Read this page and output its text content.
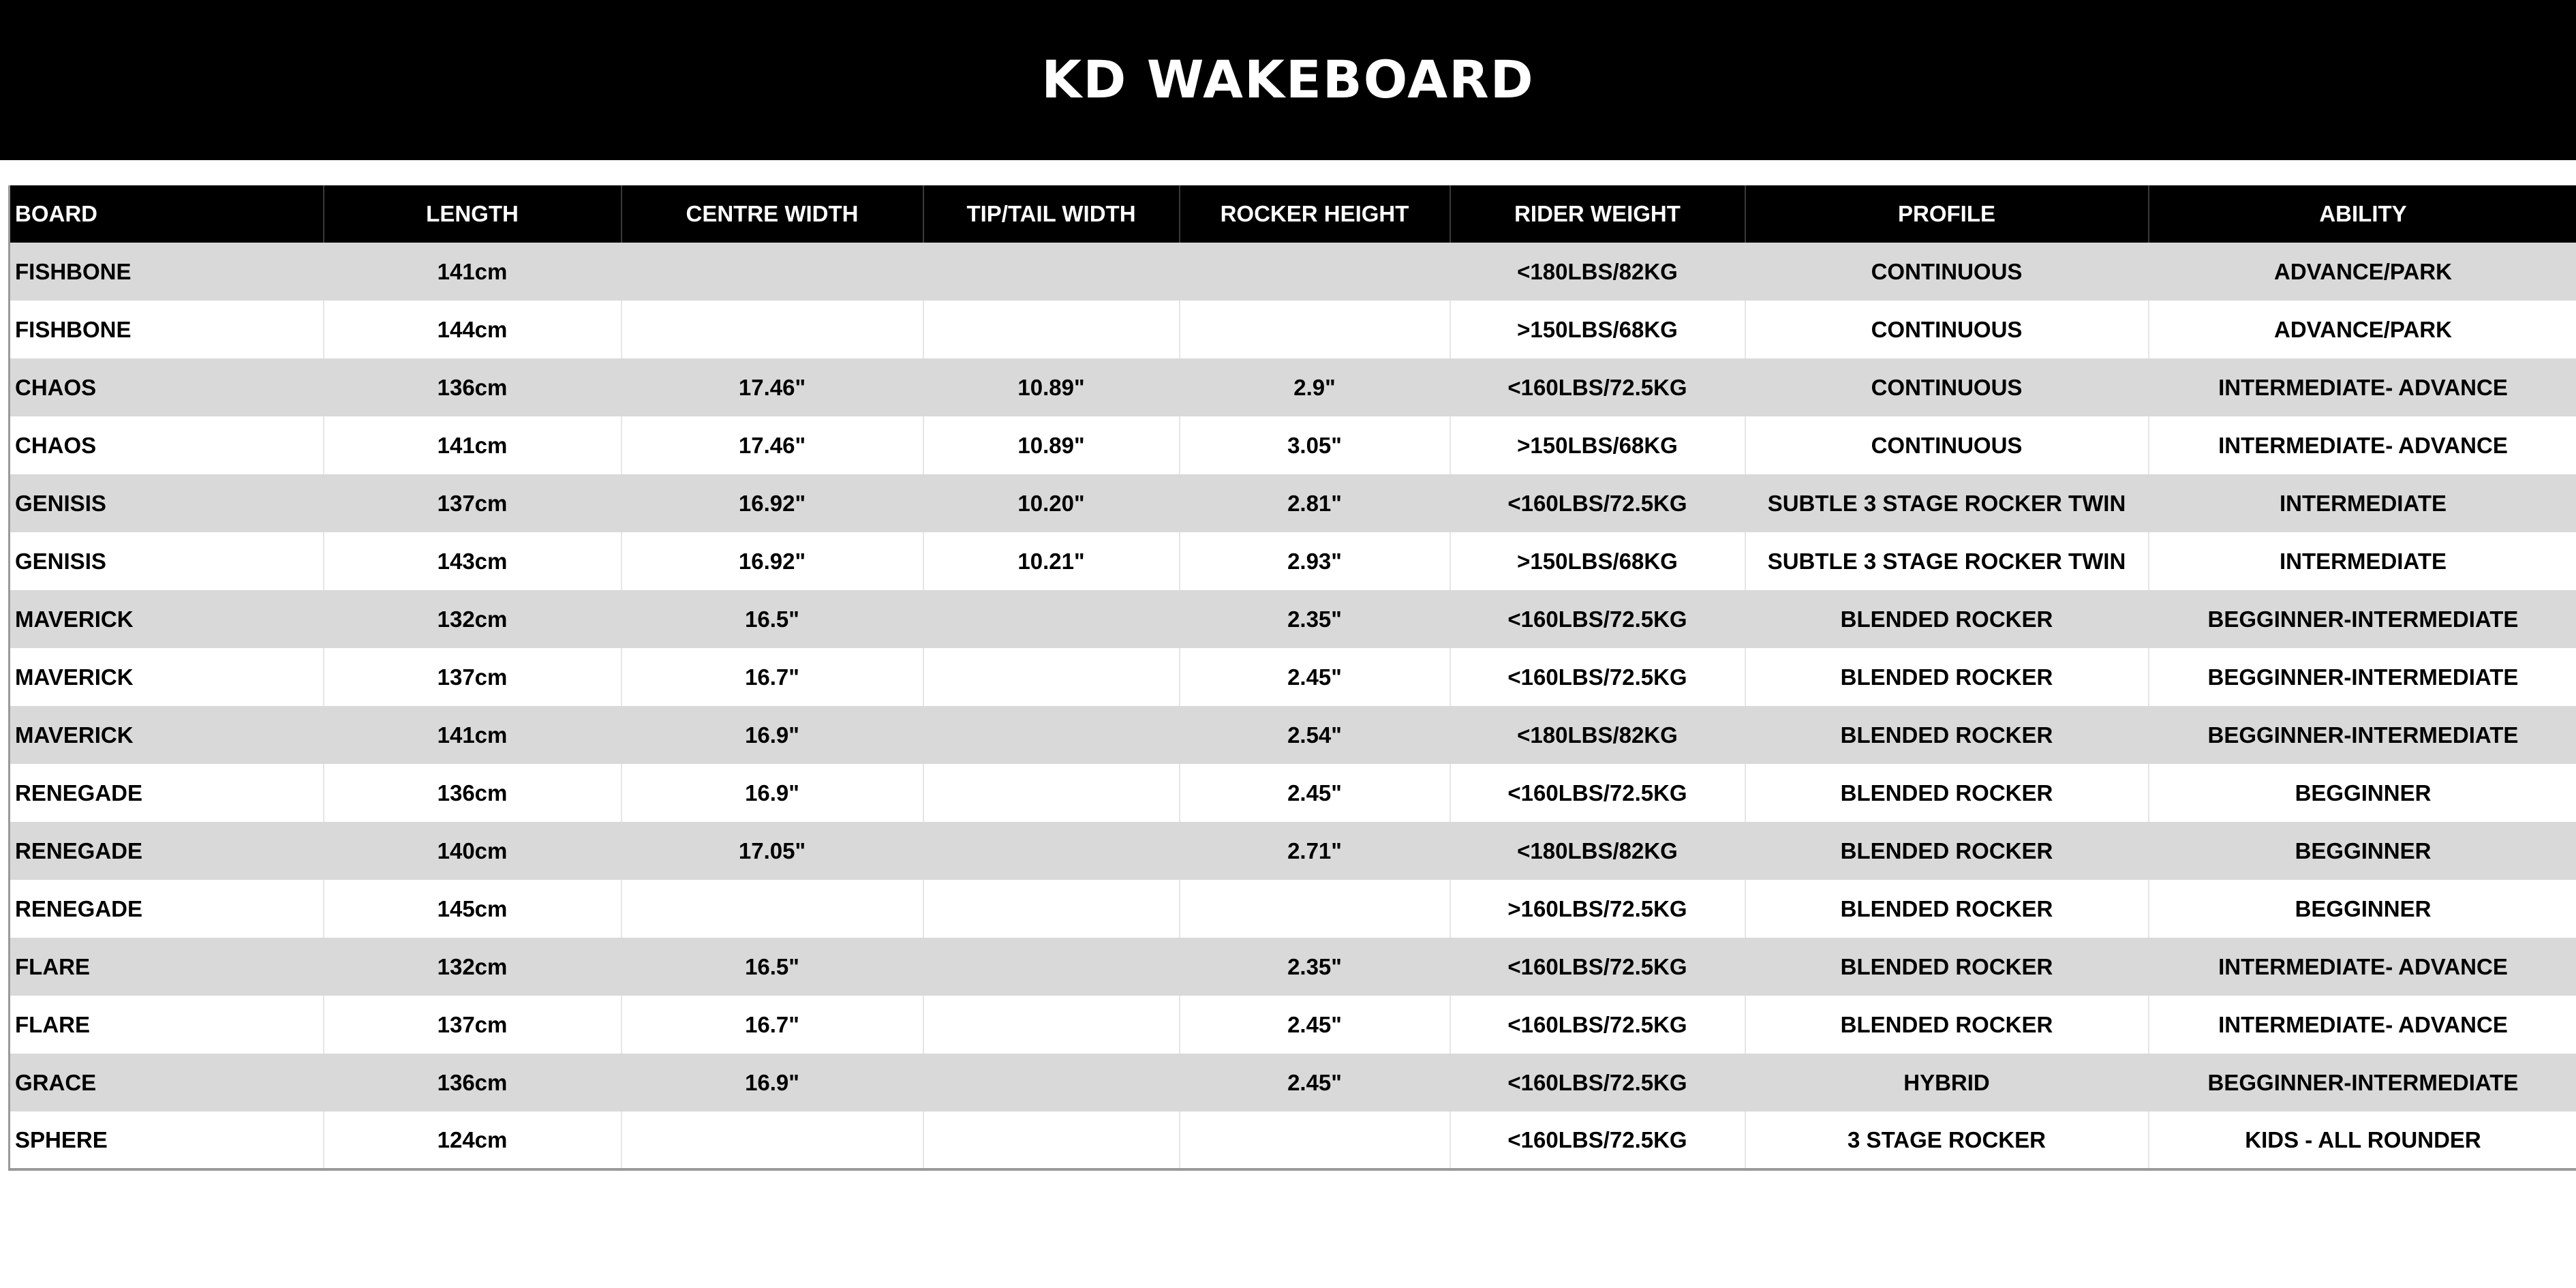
KD WAKEBOARD
BOARD	LENGTH	CENTRE WIDTH	TIP/TAIL WIDTH	ROCKER HEIGHT	RIDER WEIGHT	PROFILE	ABILITY
FISHBONE	141cm				<180LBS/82KG	CONTINUOUS	ADVANCE/PARK
FISHBONE	144cm				>150LBS/68KG	CONTINUOUS	ADVANCE/PARK
CHAOS	136cm	17.46"	10.89"	2.9"	<160LBS/72.5KG	CONTINUOUS	INTERMEDIATE- ADVANCE
CHAOS	141cm	17.46"	10.89"	3.05"	>150LBS/68KG	CONTINUOUS	INTERMEDIATE- ADVANCE
GENISIS	137cm	16.92"	10.20"	2.81"	<160LBS/72.5KG	SUBTLE 3 STAGE ROCKER TWIN	INTERMEDIATE
GENISIS	143cm	16.92"	10.21"	2.93"	>150LBS/68KG	SUBTLE 3 STAGE ROCKER TWIN	INTERMEDIATE
MAVERICK	132cm	16.5"		2.35"	<160LBS/72.5KG	BLENDED ROCKER	BEGGINNER-INTERMEDIATE
MAVERICK	137cm	16.7"		2.45"	<160LBS/72.5KG	BLENDED ROCKER	BEGGINNER-INTERMEDIATE
MAVERICK	141cm	16.9"		2.54"	<180LBS/82KG	BLENDED ROCKER	BEGGINNER-INTERMEDIATE
RENEGADE	136cm	16.9"		2.45"	<160LBS/72.5KG	BLENDED ROCKER	BEGGINNER
RENEGADE	140cm	17.05"		2.71"	<180LBS/82KG	BLENDED ROCKER	BEGGINNER
RENEGADE	145cm				>160LBS/72.5KG	BLENDED ROCKER	BEGGINNER
FLARE	132cm	16.5"		2.35"	<160LBS/72.5KG	BLENDED ROCKER	INTERMEDIATE- ADVANCE
FLARE	137cm	16.7"		2.45"	<160LBS/72.5KG	BLENDED ROCKER	INTERMEDIATE- ADVANCE
GRACE	136cm	16.9"		2.45"	<160LBS/72.5KG	HYBRID	BEGGINNER-INTERMEDIATE
SPHERE	124cm				<160LBS/72.5KG	3 STAGE ROCKER	KIDS - ALL ROUNDER
